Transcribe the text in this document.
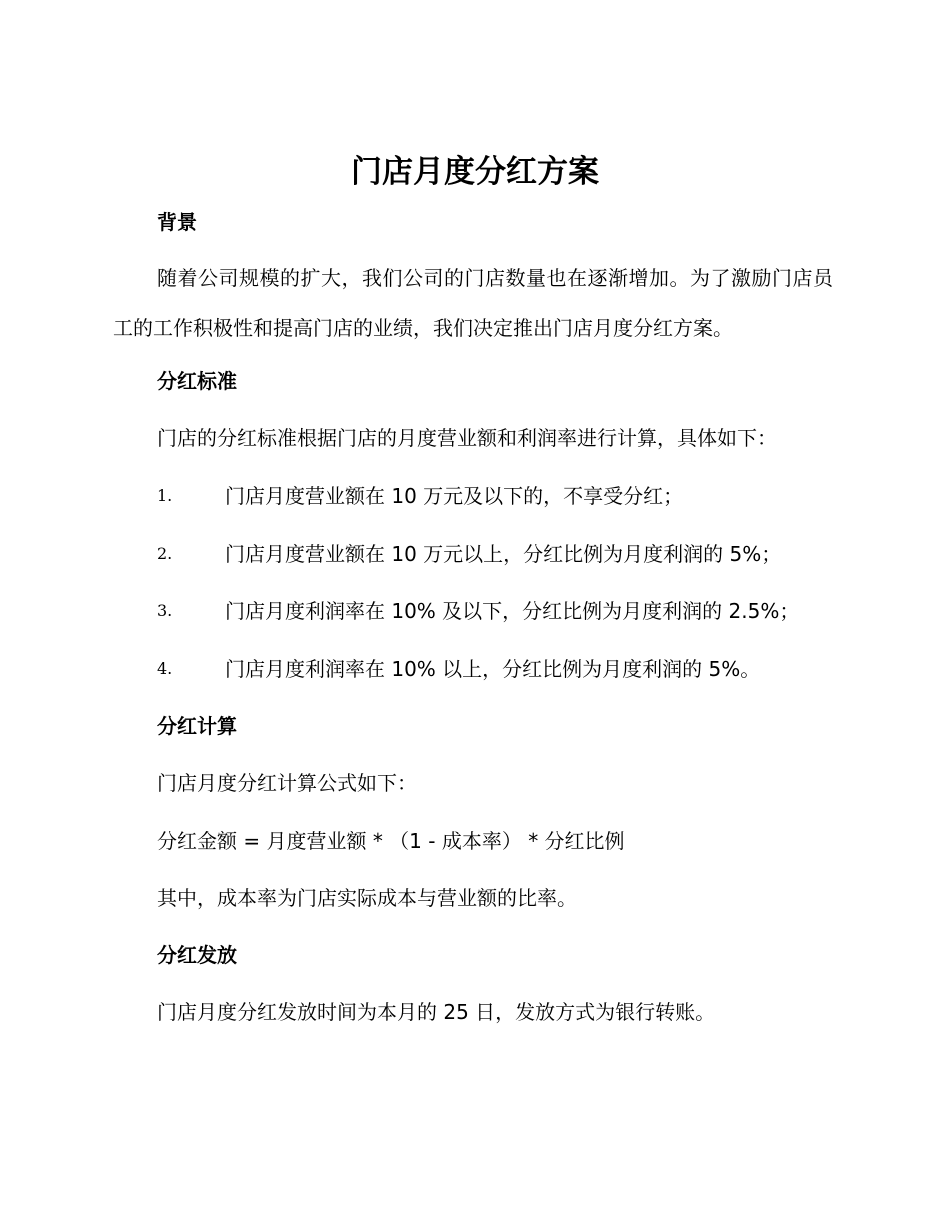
门店月度分红方案
背景

随着公司规模的扩大，我们公司的门店数量也在逐渐增加。为了激励门店员工的工作积极性和提高门店的业绩，我们决定推出门店月度分红方案。

分红标准

门店的分红标准根据门店的月度营业额和利润率进行计算，具体如下：

1.	门店月度营业额在 10 万元及以下的，不享受分红；
2.	门店月度营业额在 10 万元以上，分红比例为月度利润的 5%；
3.	门店月度利润率在 10% 及以下，分红比例为月度利润的 2.5%；
4.	门店月度利润率在 10% 以上，分红比例为月度利润的 5%。
分红计算

门店月度分红计算公式如下：

分红金额 = 月度营业额 * （1 - 成本率） * 分红比例

其中，成本率为门店实际成本与营业额的比率。

分红发放

门店月度分红发放时间为本月的 25 日，发放方式为银行转账。
